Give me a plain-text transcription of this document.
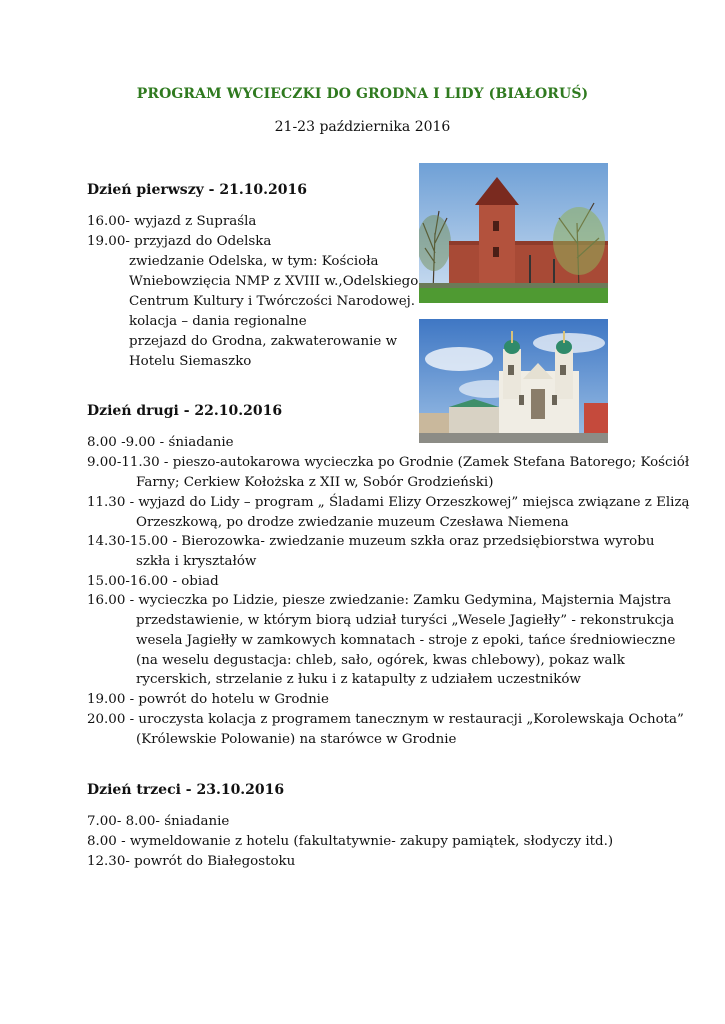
PROGRAM WYCIECZKI DO GRODNA I LIDY (BIAŁORUŚ)
21-23 października 2016
Dzień pierwszy - 21.10.2016
16.00- wyjazd z Supraśla
19.00- przyjazd do Odelska
zwiedzanie Odelska, w tym: Kościoła
Wniebowzięcia NMP z XVIII w.,Odelskiego
Centrum Kultury i Twórczości Narodowej.
kolacja – dania regionalne
przejazd do Grodna, zakwaterowanie w
Hotelu Siemaszko
Dzień drugi - 22.10.2016
8.00 -9.00 - śniadanie
9.00-11.30 - pieszo-autokarowa wycieczka po Grodnie (Zamek Stefana Batorego; Kościół
Farny; Cerkiew Kołożska z XII w, Sobór Grodzieński)
11.30 - wyjazd do Lidy – program „ Śladami Elizy Orzeszkowej” miejsca związane z Elizą
Orzeszkową, po drodze zwiedzanie muzeum Czesława Niemena
14.30-15.00 - Bierozowka- zwiedzanie muzeum szkła oraz przedsiębiorstwa wyrobu
szkła i kryształów
15.00-16.00 - obiad
16.00 - wycieczka po Lidzie, piesze zwiedzanie: Zamku Gedymina, Majsternia Majstra
przedstawienie, w którym biorą udział turyści „Wesele Jagiełły” - rekonstrukcja
wesela Jagiełły w zamkowych komnatach - stroje z epoki, tańce średniowieczne
(na weselu degustacja: chleb, sało, ogórek, kwas chlebowy), pokaz walk
rycerskich, strzelanie z łuku i z katapulty z udziałem uczestników
19.00 - powrót do hotelu w Grodnie
20.00 - uroczysta kolacja z programem tanecznym w restauracji „Korolewskaja Ochota”
(Królewskie Polowanie) na starówce w Grodnie
Dzień trzeci - 23.10.2016
7.00- 8.00- śniadanie
8.00 - wymeldowanie z hotelu (fakultatywnie- zakupy pamiątek, słodyczy itd.)
12.30- powrót do Białegostoku
